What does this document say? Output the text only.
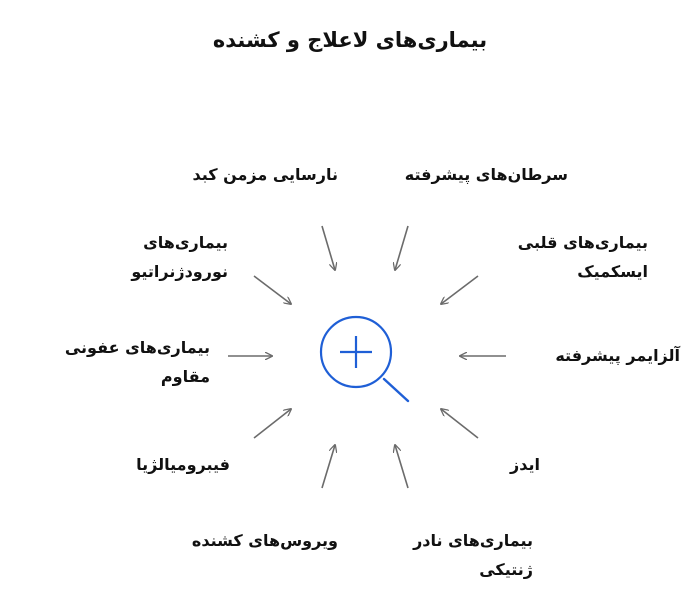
بیماری‌های لاعلاج و کشنده
نارسایی مزمن کبد	سرطان‌های پیشرفته
بیماری‌های
نورودژنراتیو
بیماری‌های قلبی
ایسکمیک
بیماری‌های عفونی
مقاوم
آلزایمر پیشرفته
فیبرومیالژیا	ایدز
ویروس‌های کشنده	بیماری‌های نادر
ژنتیکی
